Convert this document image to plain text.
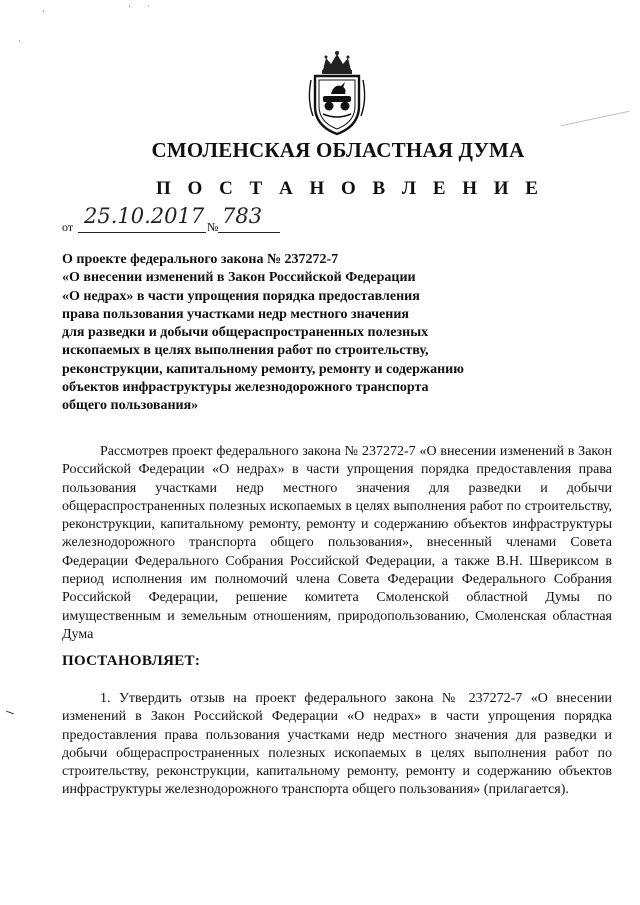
·	˙ ˙
·
СМОЛЕНСКАЯ ОБЛАСТНАЯ ДУМА
П О С Т А Н О В Л Е Н И Е
от 25.10.2017 № 783
О проекте федерального закона № 237272-7
«О внесении изменений в Закон Российской Федерации
«О недрах» в части упрощения порядка предоставления
права пользования участками недр местного значения
для разведки и добычи общераспространенных полезных
ископаемых в целях выполнения работ по строительству,
реконструкции, капитальному ремонту, ремонту и содержанию
объектов инфраструктуры железнодорожного транспорта
общего пользования»

Рассмотрев проект федерального закона № 237272-7 «О внесении изменений в Закон Российской Федерации «О недрах» в части упрощения порядка предоставления права пользования участками недр местного значения для разведки и добычи общераспространенных полезных ископаемых в целях выполнения работ по строительству, реконструкции, капитальному ремонту, ремонту и содержанию объектов инфраструктуры железнодорожного транспорта общего пользования», внесенный членами Совета Федерации Федерального Собрания Российской Федерации, а также В.Н. Швериксом в период исполнения им полномочий члена Совета Федерации Федерального Собрания Российской Федерации, решение комитета Смоленской областной Думы по имущественным и земельным отношениям, природопользованию, Смоленская областная Дума

ПОСТАНОВЛЯЕТ:

1. Утвердить отзыв на проект федерального закона № 237272-7 «О внесении изменений в Закон Российской Федерации «О недрах» в части упрощения порядка предоставления права пользования участками недр местного значения для разведки и добычи общераспространенных полезных ископаемых в целях выполнения работ по строительству, реконструкции, капитальному ремонту, ремонту и содержанию объектов инфраструктуры железнодорожного транспорта общего пользования» (прилагается).
